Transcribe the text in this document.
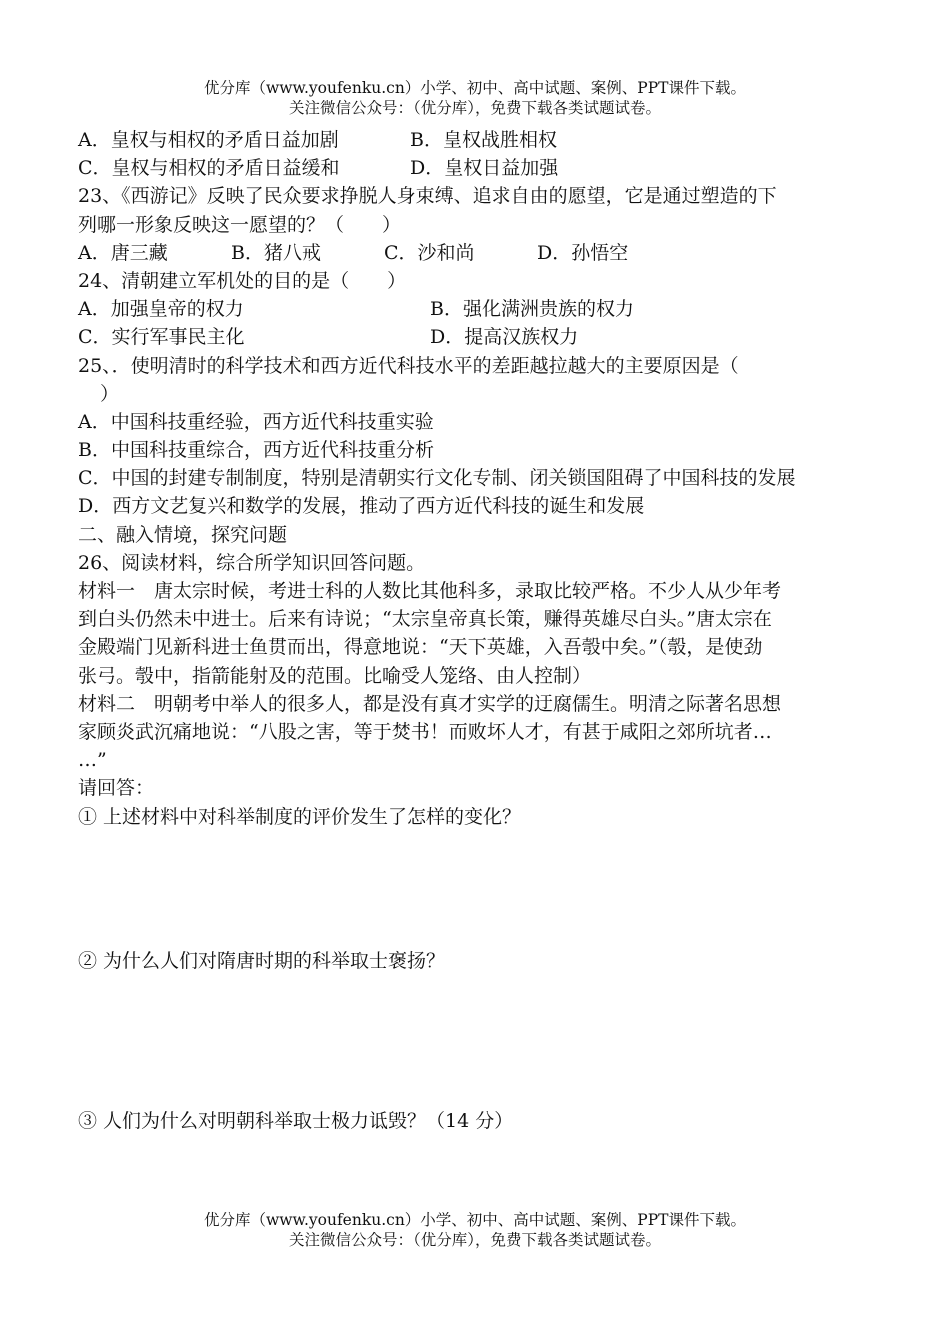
优分库（www.youfenku.cn）小学、初中、高中试题、案例、PPT课件下载。
关注微信公众号：（优分库），免费下载各类试题试卷。
A．皇权与相权的矛盾日益加剧	B．皇权战胜相权
C．皇权与相权的矛盾日益缓和	D．皇权日益加强
23、《西游记》反映了民众要求挣脱人身束缚、追求自由的愿望，它是通过塑造的下
列哪一形象反映这一愿望的？（　　）
A．唐三藏	B．猪八戒	C．沙和尚	D．孙悟空
24、清朝建立军机处的目的是（　　）
A．加强皇帝的权力	B．强化满洲贵族的权力
C．实行军事民主化	D．提高汉族权力
25、．使明清时的科学技术和西方近代科技水平的差距越拉越大的主要原因是（
）
A．中国科技重经验，西方近代科技重实验
B．中国科技重综合，西方近代科技重分析
C．中国的封建专制制度，特别是清朝实行文化专制、闭关锁国阻碍了中国科技的发展
D．西方文艺复兴和数学的发展，推动了西方近代科技的诞生和发展
二、融入情境，探究问题
26、阅读材料，综合所学知识回答问题。
材料一　唐太宗时候，考进士科的人数比其他科多，录取比较严格。不少人从少年考
到白头仍然未中进士。后来有诗说；“太宗皇帝真长策，赚得英雄尽白头。”唐太宗在
金殿端门见新科进士鱼贯而出，得意地说：“天下英雄，入吾彀中矣。”（彀，是使劲
张弓。彀中，指箭能射及的范围。比喻受人笼络、由人控制）
材料二　明朝考中举人的很多人，都是没有真才实学的迂腐儒生。明清之际著名思想
家顾炎武沉痛地说：“八股之害，等于焚书！而败坏人才，有甚于咸阳之郊所坑者…
…”
请回答：
① 上述材料中对科举制度的评价发生了怎样的变化？
② 为什么人们对隋唐时期的科举取士褒扬？
③ 人们为什么对明朝科举取士极力诋毁？（14 分）
优分库（www.youfenku.cn）小学、初中、高中试题、案例、PPT课件下载。
关注微信公众号：（优分库），免费下载各类试题试卷。
